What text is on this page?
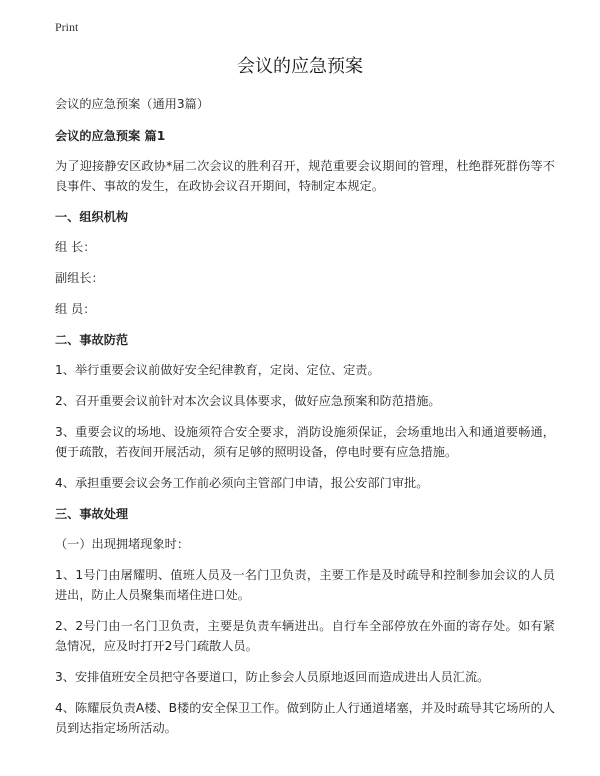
Print
会议的应急预案

会议的应急预案（通用3篇）

会议的应急预案 篇1

为了迎接静安区政协*届二次会议的胜利召开，规范重要会议期间的管理，杜绝群死群伤等不良事件、事故的发生，在政协会议召开期间，特制定本规定。

一、组织机构

组 长：

副组长：

组 员：

二、事故防范

1、举行重要会议前做好安全纪律教育，定岗、定位、定责。

2、召开重要会议前针对本次会议具体要求，做好应急预案和防范措施。

3、重要会议的场地、设施须符合安全要求，消防设施须保证，会场重地出入和通道要畅通，便于疏散，若夜间开展活动，须有足够的照明设备，停电时要有应急措施。

4、承担重要会议会务工作前必须向主管部门申请，报公安部门审批。

三、事故处理

（一）出现拥堵现象时：

1、1号门由屠耀明、值班人员及一名门卫负责，主要工作是及时疏导和控制参加会议的人员进出，防止人员聚集而堵住进口处。

2、2号门由一名门卫负责，主要是负责车辆进出。自行车全部停放在外面的寄存处。如有紧急情况，应及时打开2号门疏散人员。

3、安排值班安全员把守各要道口，防止参会人员原地返回而造成进出人员汇流。

4、陈耀辰负责A楼、B楼的安全保卫工作。做到防止人行通道堵塞，并及时疏导其它场所的人员到达指定场所活动。
